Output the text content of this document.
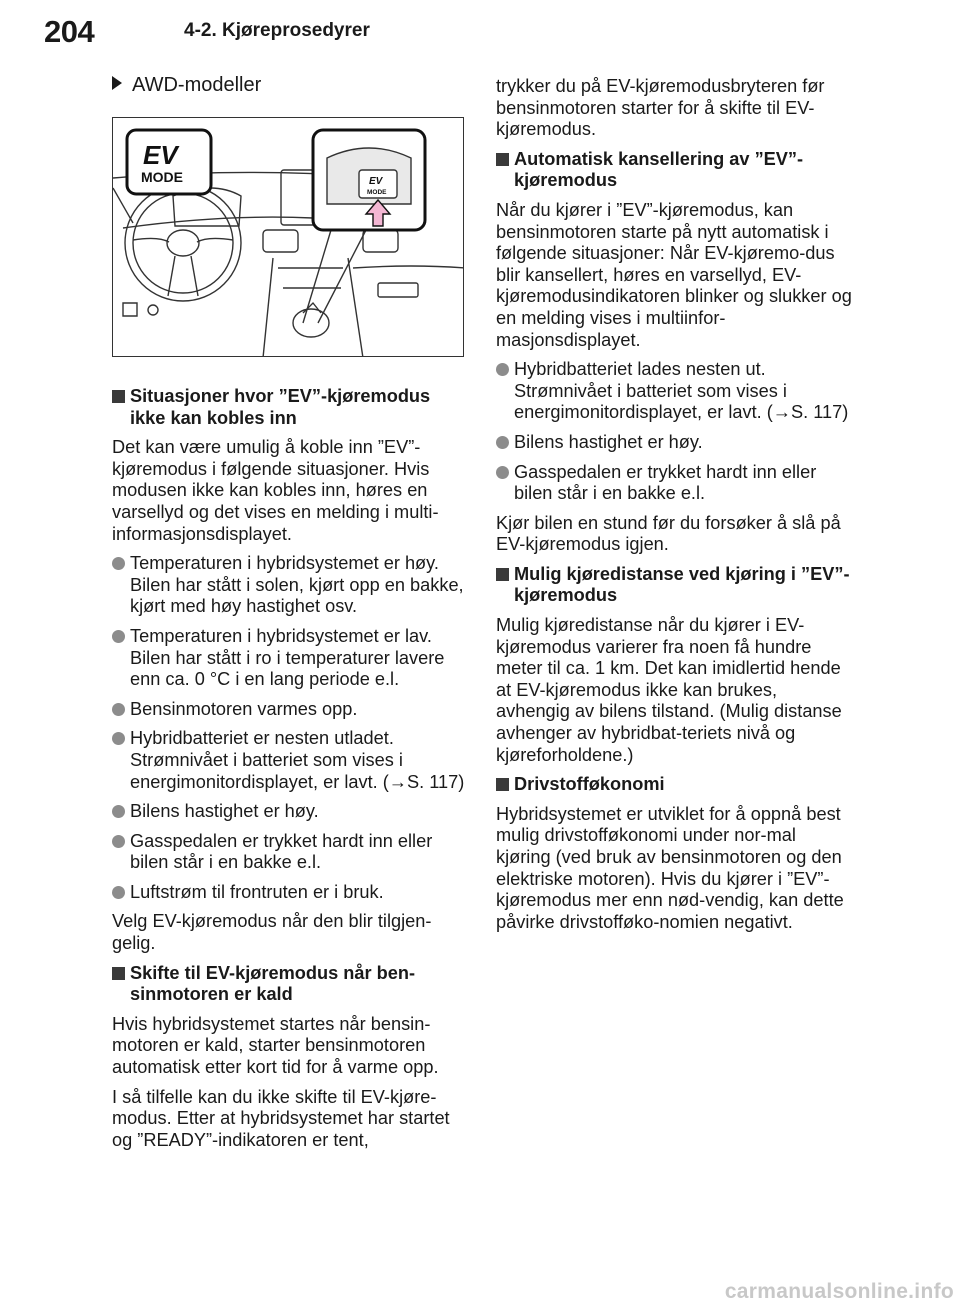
204	4-2. Kjøreprosedyrer
AWD-modeller
EV
MODE	EV
MODE
Situasjoner hvor ”EV”-kjøremodus ikke kan kobles inn

Det kan være umulig å koble inn ”EV”-kjøremodus i følgende situasjoner. Hvis modusen ikke kan kobles inn, høres en varsellyd og det vises en melding i multi-informasjonsdisplayet.

Temperaturen i hybridsystemet er høy. Bilen har stått i solen, kjørt opp en bakke, kjørt med høy hastighet osv.
Temperaturen i hybridsystemet er lav. Bilen har stått i ro i temperaturer lavere enn ca. 0 °C i en lang periode e.l.
Bensinmotoren varmes opp.
Hybridbatteriet er nesten utladet. Strømnivået i batteriet som vises i energimonitordisplayet, er lavt. (→S. 117)
Bilens hastighet er høy.
Gasspedalen er trykket hardt inn eller bilen står i en bakke e.l.
Luftstrøm til frontruten er i bruk.

Velg EV-kjøremodus når den blir tilgjen-gelig.

Skifte til EV-kjøremodus når ben-sinmotoren er kald

Hvis hybridsystemet startes når bensin-motoren er kald, starter bensinmotoren automatisk etter kort tid for å varme opp.

I så tilfelle kan du ikke skifte til EV-kjøre-modus. Etter at hybridsystemet har startet og ”READY”-indikatoren er tent,

trykker du på EV-kjøremodusbryteren før bensinmotoren starter for å skifte til EV-kjøremodus.

Automatisk kansellering av ”EV”-kjøremodus

Når du kjører i ”EV”-kjøremodus, kan bensinmotoren starte på nytt automatisk i følgende situasjoner: Når EV-kjøremo-dus blir kansellert, høres en varsellyd, EV-kjøremodusindikatoren blinker og slukker og en melding vises i multiinfor-masjonsdisplayet.

Hybridbatteriet lades nesten ut. Strømnivået i batteriet som vises i energimonitordisplayet, er lavt. (→S. 117)
Bilens hastighet er høy.
Gasspedalen er trykket hardt inn eller bilen står i en bakke e.l.

Kjør bilen en stund før du forsøker å slå på EV-kjøremodus igjen.

Mulig kjøredistanse ved kjøring i ”EV”-kjøremodus

Mulig kjøredistanse når du kjører i EV-kjøremodus varierer fra noen få hundre meter til ca. 1 km. Det kan imidlertid hende at EV-kjøremodus ikke kan brukes, avhengig av bilens tilstand. (Mulig distanse avhenger av hybridbat-teriets nivå og kjøreforholdene.)

Drivstofføkonomi

Hybridsystemet er utviklet for å oppnå best mulig drivstofføkonomi under nor-mal kjøring (ved bruk av bensinmotoren og den elektriske motoren). Hvis du kjører i ”EV”-kjøremodus mer enn nød-vendig, kan dette påvirke drivstofføko-nomien negativt.

carmanualsonline.info
